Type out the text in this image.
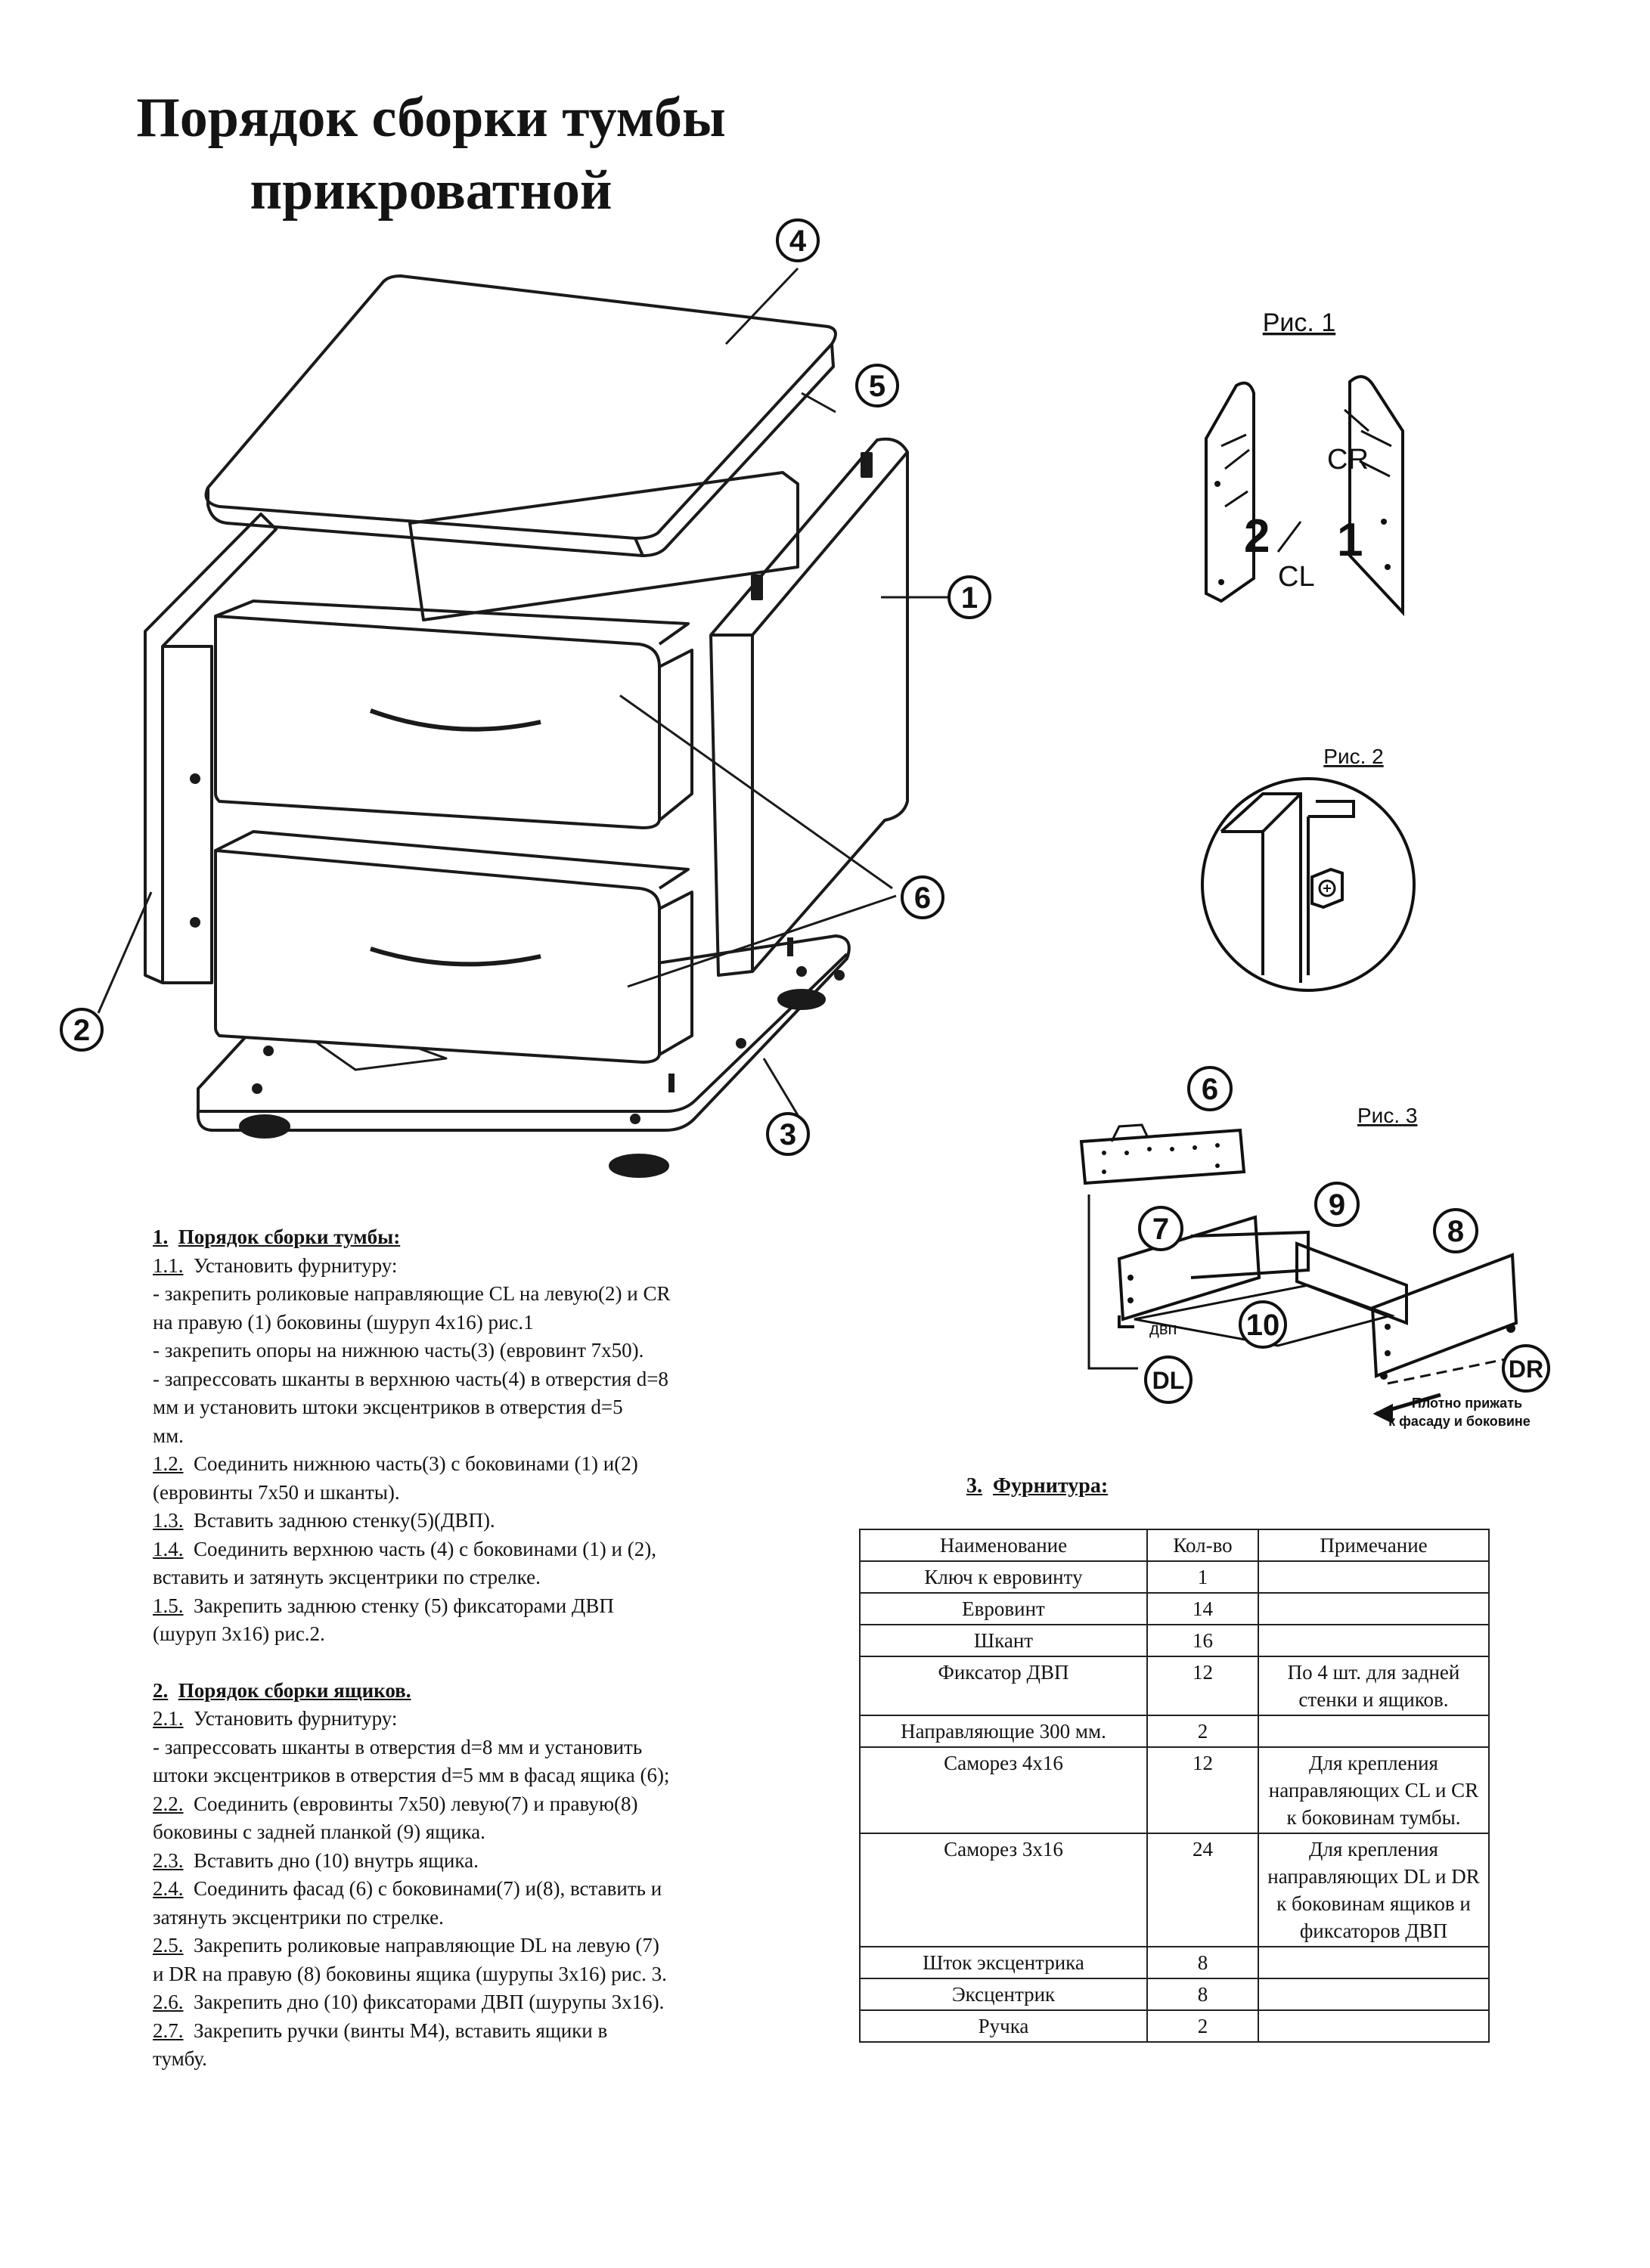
Порядок сборки тумбы
прикроватной
1
2
3
4
5
6
Рис. 1
CR
CL
2 1
Рис. 2
Рис. 3
двп
6
7	8
9
10
DL	DR
Плотно прижать
к фасаду и боковине

1. Порядок сборки тумбы:

1.1. Установить фурнитуру:

- закрепить роликовые направляющие CL на левую(2) и CR

на правую (1) боковины (шуруп 4x16) рис.1

- закрепить опоры на нижнюю часть(3) (евровинт 7x50).

- запрессовать шканты в верхнюю часть(4) в отверстия d=8

мм и установить штоки эксцентриков в отверстия d=5

мм.

1.2. Соединить нижнюю часть(3) с боковинами (1) и(2)

(евровинты 7x50 и шканты).

1.3. Вставить заднюю стенку(5)(ДВП).

1.4. Соединить верхнюю часть (4) с боковинами (1) и (2),

вставить и затянуть эксцентрики по стрелке.

1.5. Закрепить заднюю стенку (5) фиксаторами ДВП

(шуруп 3x16) рис.2.

2. Порядок сборки ящиков.

2.1. Установить фурнитуру:

- запрессовать шканты в отверстия d=8 мм и установить

штоки эксцентриков в отверстия d=5 мм в фасад ящика (6);

2.2. Соединить (евровинты 7x50) левую(7) и правую(8)

боковины с задней планкой (9) ящика.

2.3. Вставить дно (10) внутрь ящика.

2.4. Соединить фасад (6) с боковинами(7) и(8), вставить и

затянуть эксцентрики по стрелке.

2.5. Закрепить роликовые направляющие DL на левую (7)

и DR на правую (8) боковины ящика (шурупы 3x16) рис. 3.

2.6. Закрепить дно (10) фиксаторами ДВП (шурупы 3x16).

2.7. Закрепить ручки (винты М4), вставить ящики в

тумбу.

3. Фурнитура:
Наименование	Кол-во	Примечание
Ключ к евровинту	1	
Евровинт	14	
Шкант	16	
Фиксатор ДВП	12	По 4 шт. для задней стенки и ящиков.
Направляющие 300 мм.	2	
Саморез 4x16	12	Для крепления направляющих CL и CR к боковинам тумбы.
Саморез 3x16	24	Для крепления направляющих DL и DR к боковинам ящиков и фиксаторов ДВП
Шток эксцентрика	8	
Эксцентрик	8	
Ручка	2	
